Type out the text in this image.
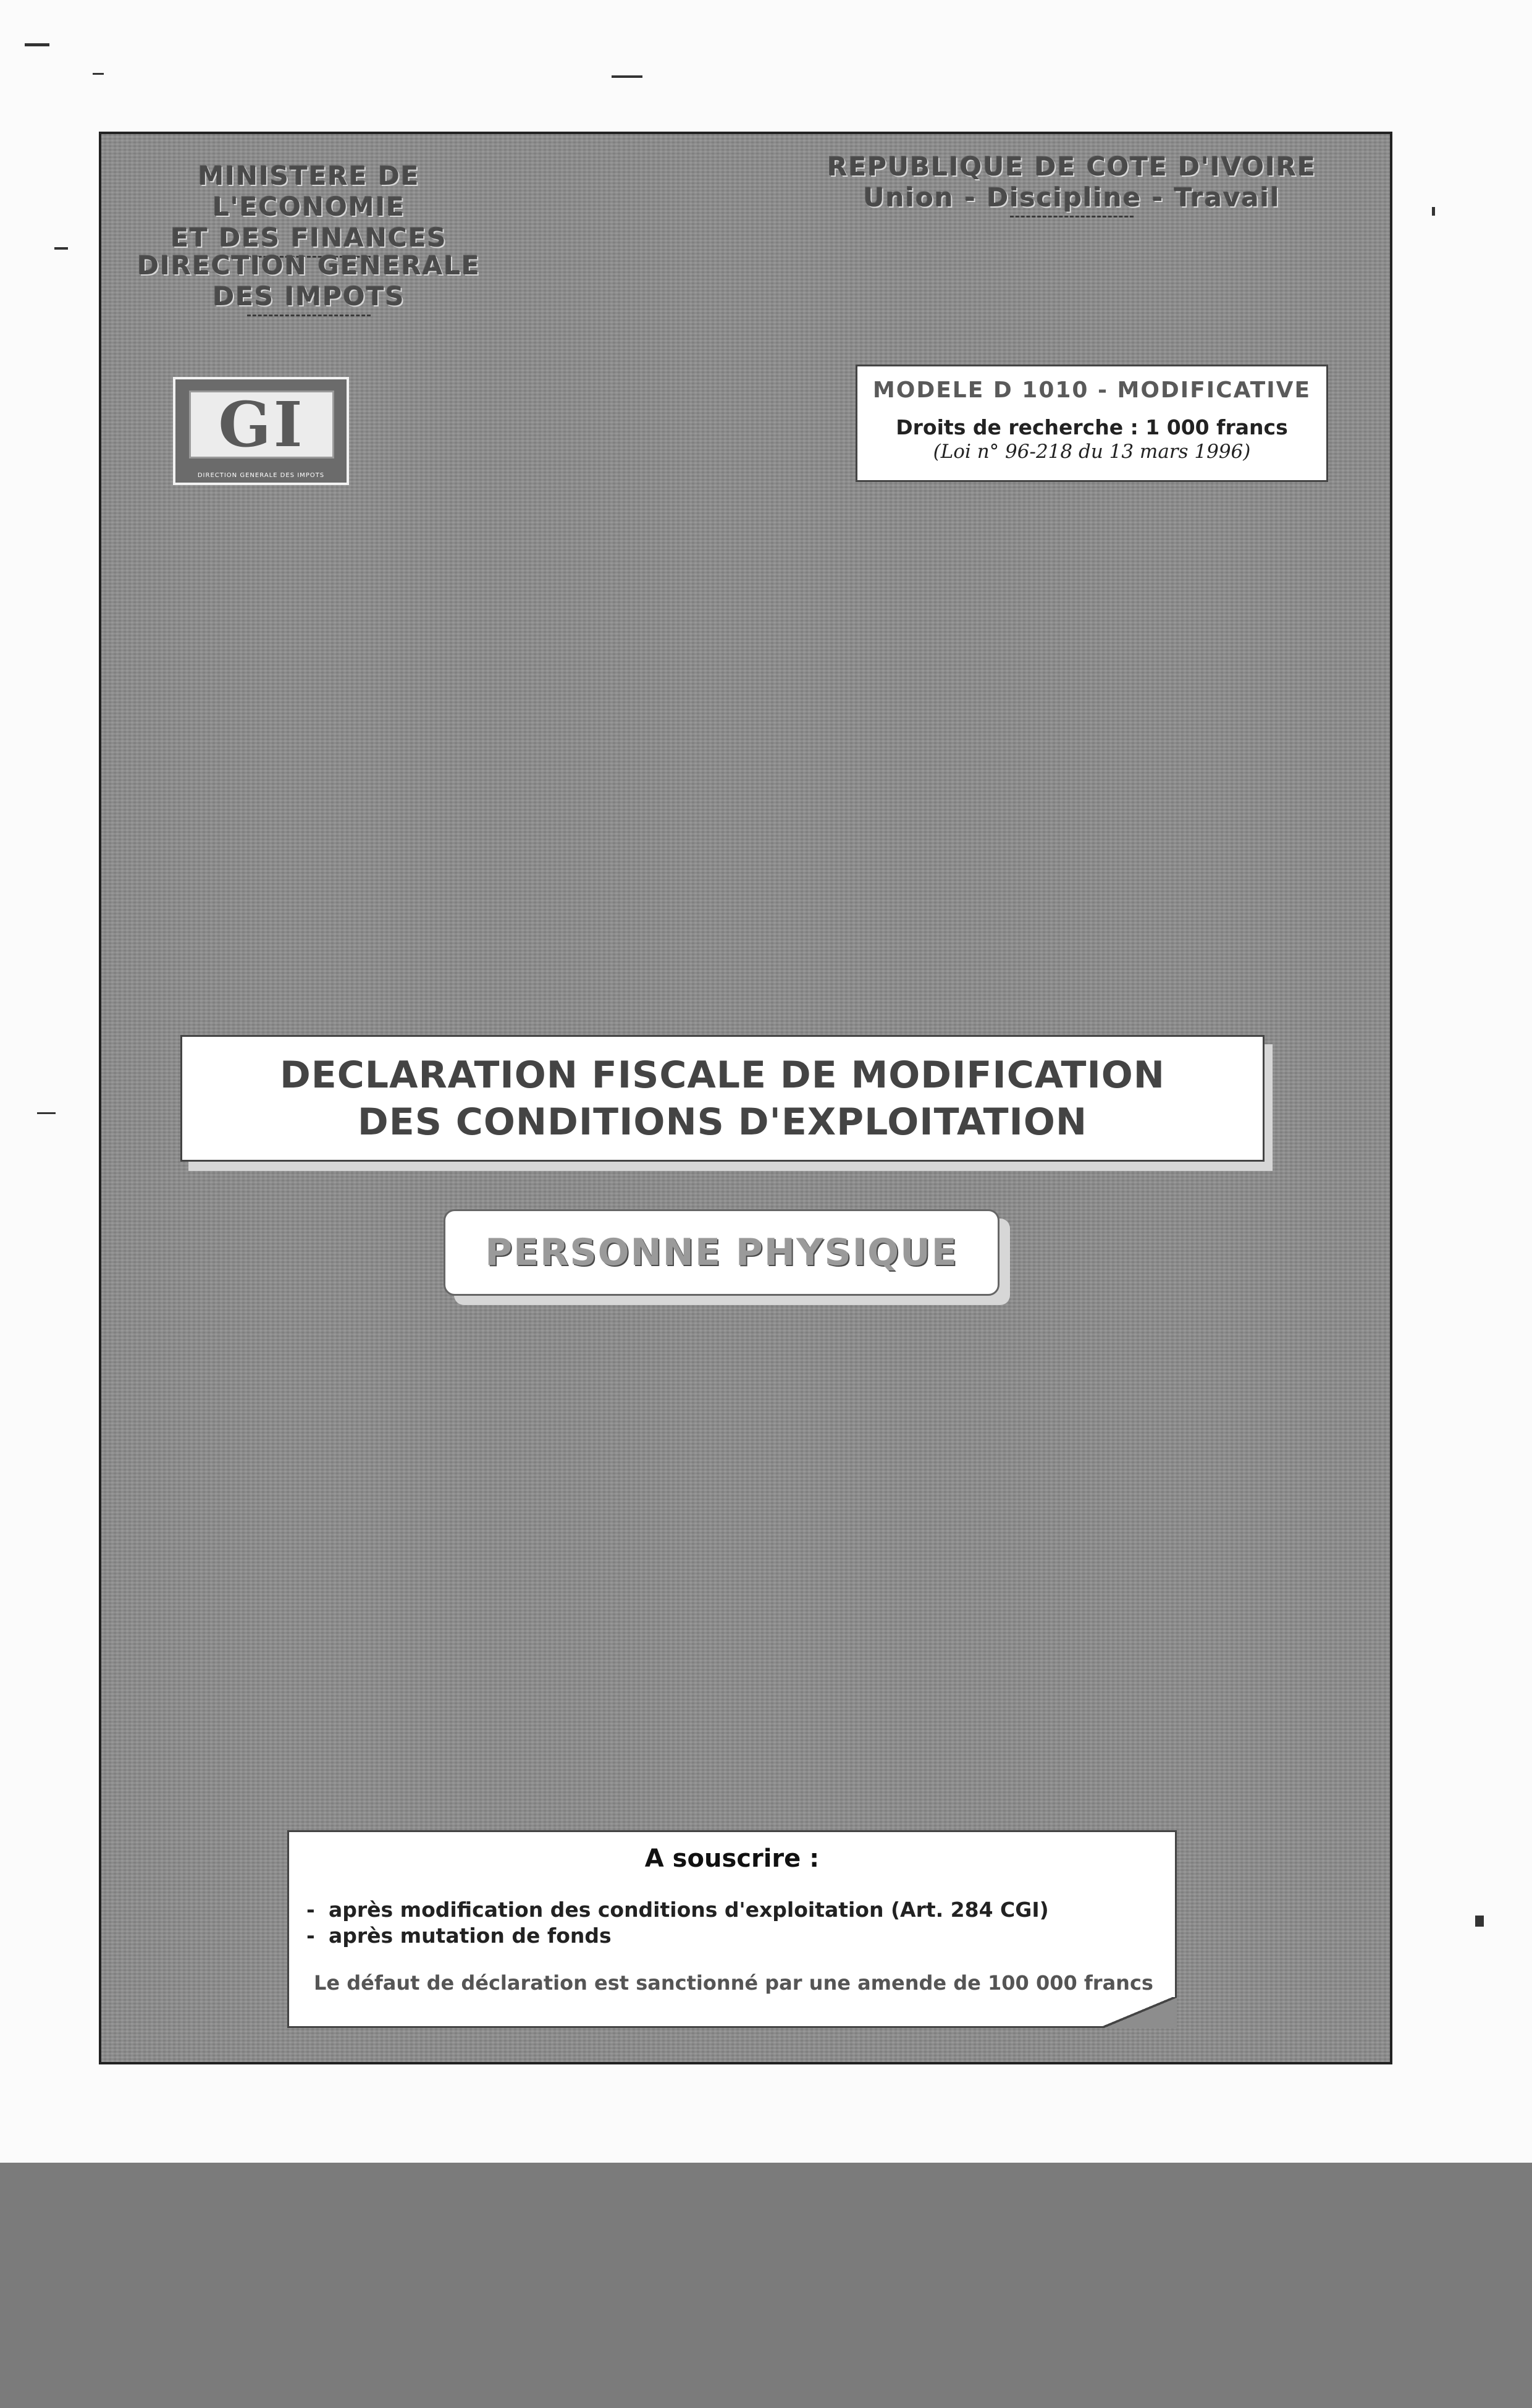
MINISTERE DE L'ECONOMIE
ET DES FINANCES
DIRECTION GENERALE
DES IMPOTS
REPUBLIQUE DE COTE D'IVOIRE
Union - Discipline - Travail
GI
DIRECTION GENERALE DES IMPOTS
MODELE D 1010 - MODIFICATIVE
Droits de recherche : 1 000 francs
(Loi n° 96-218 du 13 mars 1996)
DECLARATION FISCALE DE MODIFICATION
DES CONDITIONS D'EXPLOITATION
PERSONNE PHYSIQUE
A souscrire :
- après modification des conditions d'exploitation (Art. 284 CGI)
- après mutation de fonds
Le défaut de déclaration est sanctionné par une amende de 100 000 francs
